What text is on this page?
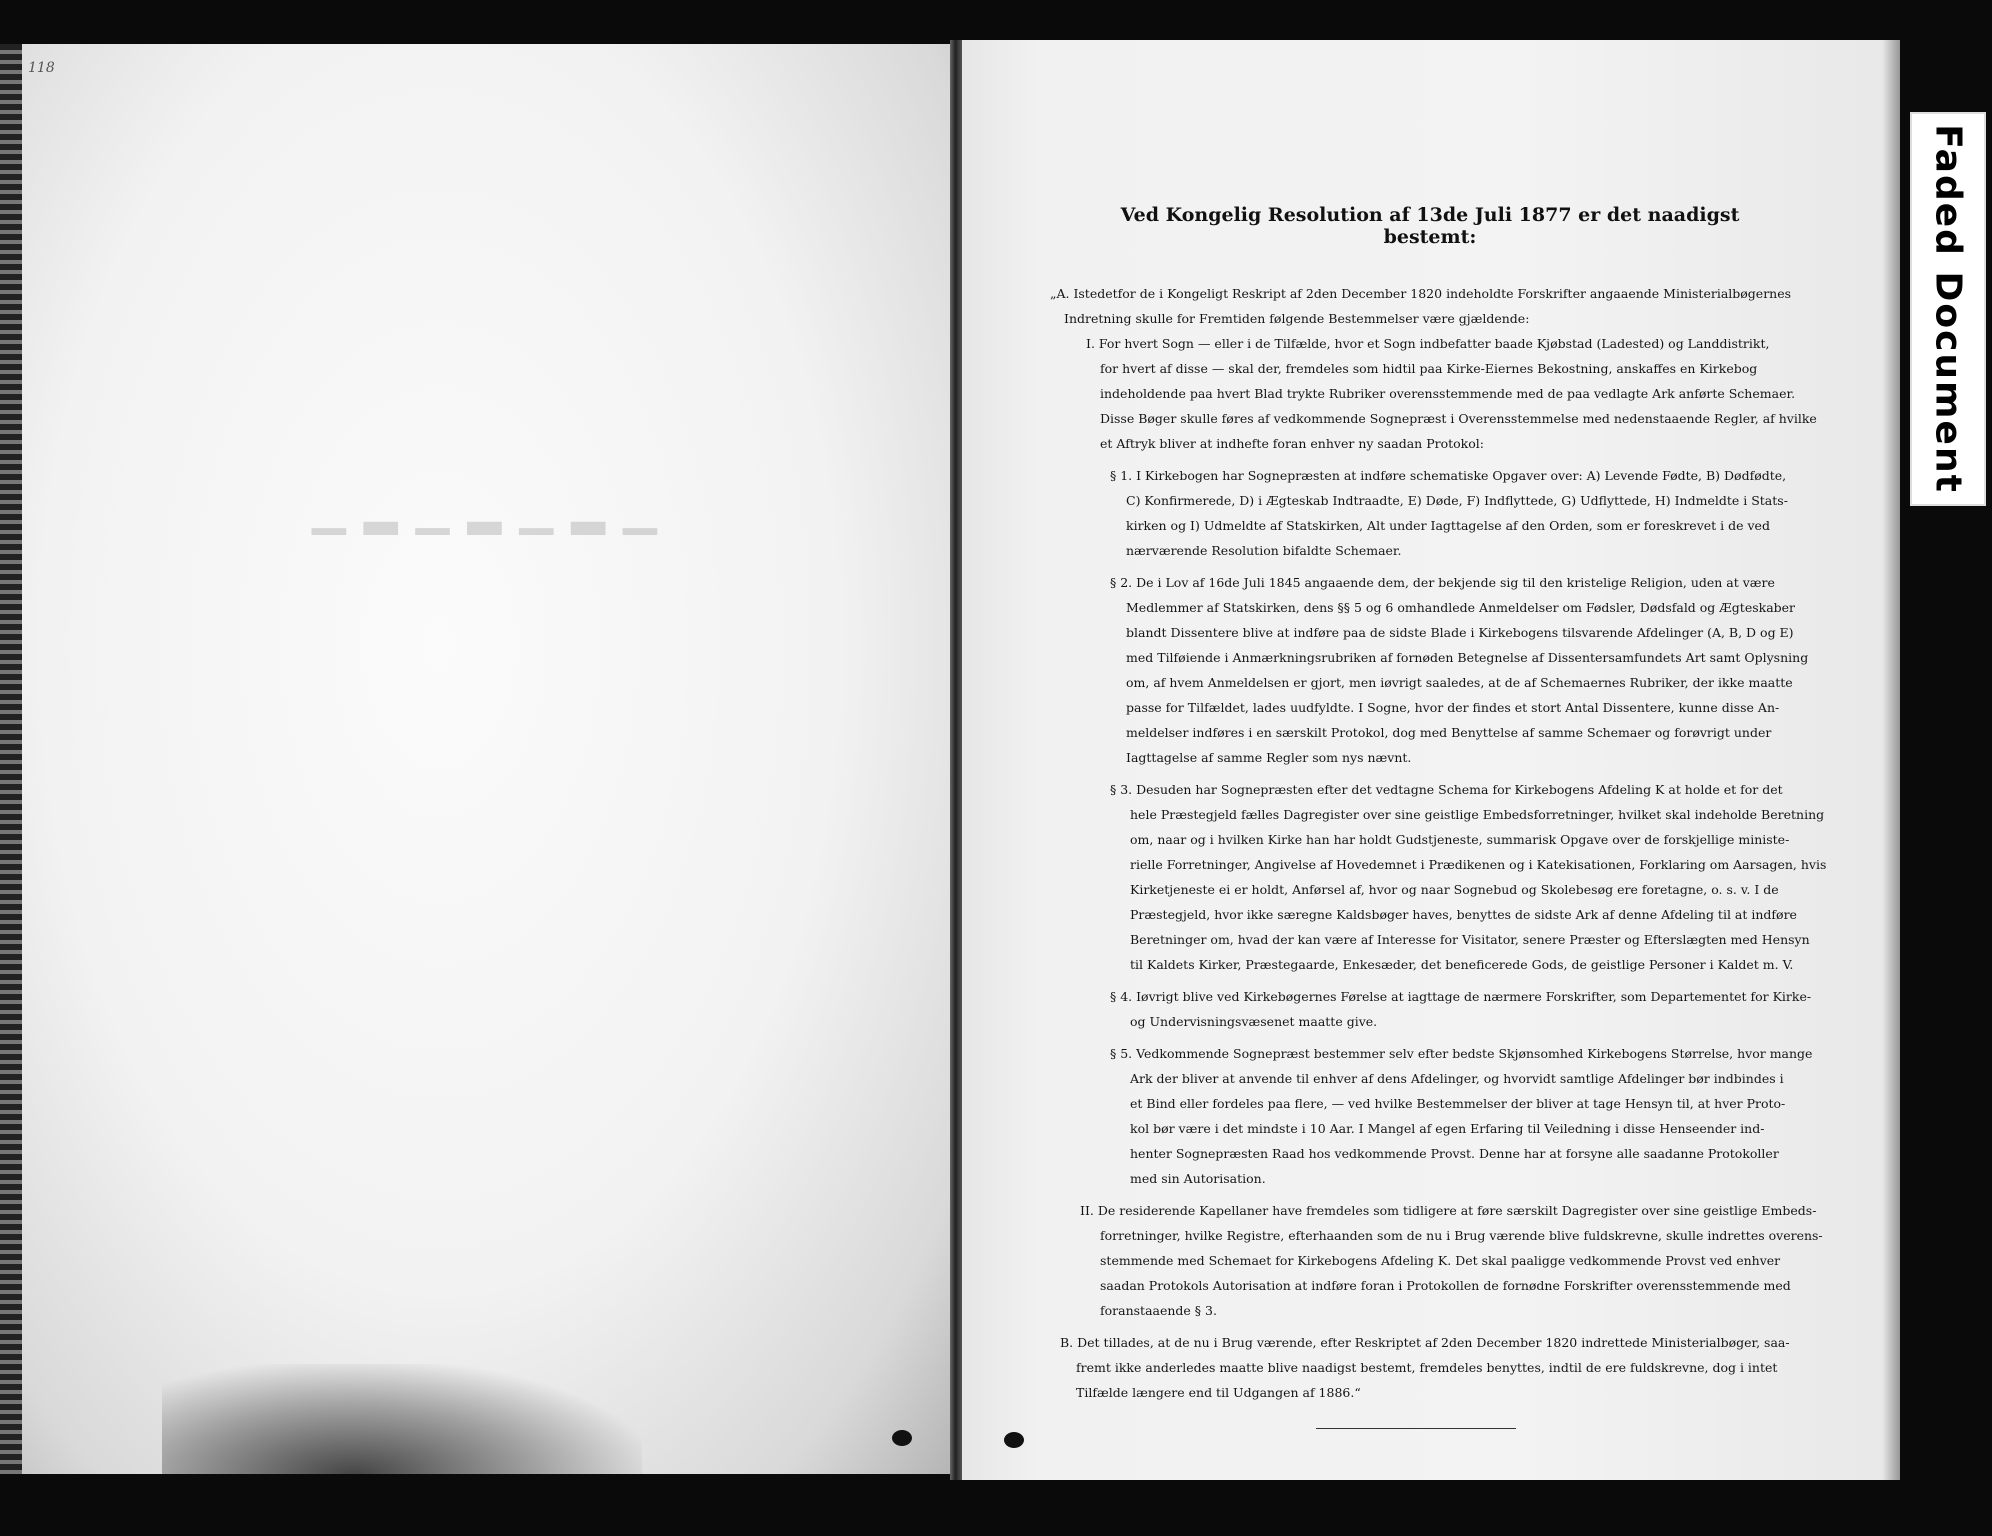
118
▁▂▁▂▁▂▁
Ved Kongelig Resolution af 13de Juli 1877 er det naadigst bestemt:
„A. Istedetfor de i Kongeligt Reskript af 2den December 1820 indeholdte Forskrifter angaaende Ministerialbøgernes
Indretning skulle for Fremtiden følgende Bestemmelser være gjældende:
I. For hvert Sogn — eller i de Tilfælde, hvor et Sogn indbefatter baade Kjøbstad (Ladested) og Landdistrikt,
for hvert af disse — skal der, fremdeles som hidtil paa Kirke-Eiernes Bekostning, anskaffes en Kirkebog
indeholdende paa hvert Blad trykte Rubriker overensstemmende med de paa vedlagte Ark anførte Schemaer.
Disse Bøger skulle føres af vedkommende Sognepræst i Overensstemmelse med nedenstaaende Regler, af hvilke
et Aftryk bliver at indhefte foran enhver ny saadan Protokol:
§ 1. I Kirkebogen har Sognepræsten at indføre schematiske Opgaver over: A) Levende Fødte, B) Dødfødte,
C) Konfirmerede, D) i Ægteskab Indtraadte, E) Døde, F) Indflyttede, G) Udflyttede, H) Indmeldte i Stats-
kirken og I) Udmeldte af Statskirken, Alt under Iagttagelse af den Orden, som er foreskrevet i de ved
nærværende Resolution bifaldte Schemaer.
§ 2. De i Lov af 16de Juli 1845 angaaende dem, der bekjende sig til den kristelige Religion, uden at være
Medlemmer af Statskirken, dens §§ 5 og 6 omhandlede Anmeldelser om Fødsler, Dødsfald og Ægteskaber
blandt Dissentere blive at indføre paa de sidste Blade i Kirkebogens tilsvarende Afdelinger (A, B, D og E)
med Tilføiende i Anmærkningsrubriken af fornøden Betegnelse af Dissentersamfundets Art samt Oplysning
om, af hvem Anmeldelsen er gjort, men iøvrigt saaledes, at de af Schemaernes Rubriker, der ikke maatte
passe for Tilfældet, lades uudfyldte. I Sogne, hvor der findes et stort Antal Dissentere, kunne disse An-
meldelser indføres i en særskilt Protokol, dog med Benyttelse af samme Schemaer og forøvrigt under
Iagttagelse af samme Regler som nys nævnt.
§ 3. Desuden har Sognepræsten efter det vedtagne Schema for Kirkebogens Afdeling K at holde et for det
hele Præstegjeld fælles Dagregister over sine geistlige Embedsforretninger, hvilket skal indeholde Beretning
om, naar og i hvilken Kirke han har holdt Gudstjeneste, summarisk Opgave over de forskjellige ministe-
rielle Forretninger, Angivelse af Hovedemnet i Prædikenen og i Katekisationen, Forklaring om Aarsagen, hvis
Kirketjeneste ei er holdt, Anførsel af, hvor og naar Sognebud og Skolebesøg ere foretagne, o. s. v. I de
Præstegjeld, hvor ikke særegne Kaldsbøger haves, benyttes de sidste Ark af denne Afdeling til at indføre
Beretninger om, hvad der kan være af Interesse for Visitator, senere Præster og Efterslægten med Hensyn
til Kaldets Kirker, Præstegaarde, Enkesæder, det beneficerede Gods, de geistlige Personer i Kaldet m. V.
§ 4. Iøvrigt blive ved Kirkebøgernes Førelse at iagttage de nærmere Forskrifter, som Departementet for Kirke-
og Undervisningsvæsenet maatte give.
§ 5. Vedkommende Sognepræst bestemmer selv efter bedste Skjønsomhed Kirkebogens Størrelse, hvor mange
Ark der bliver at anvende til enhver af dens Afdelinger, og hvorvidt samtlige Afdelinger bør indbindes i
et Bind eller fordeles paa flere, — ved hvilke Bestemmelser der bliver at tage Hensyn til, at hver Proto-
kol bør være i det mindste i 10 Aar. I Mangel af egen Erfaring til Veiledning i disse Henseender ind-
henter Sognepræsten Raad hos vedkommende Provst. Denne har at forsyne alle saadanne Protokoller
med sin Autorisation.
II. De residerende Kapellaner have fremdeles som tidligere at føre særskilt Dagregister over sine geistlige Embeds-
forretninger, hvilke Registre, efterhaanden som de nu i Brug værende blive fuldskrevne, skulle indrettes overens-
stemmende med Schemaet for Kirkebogens Afdeling K. Det skal paaligge vedkommende Provst ved enhver
saadan Protokols Autorisation at indføre foran i Protokollen de fornødne Forskrifter overensstemmende med
foranstaaende § 3.
B. Det tillades, at de nu i Brug værende, efter Reskriptet af 2den December 1820 indrettede Ministerialbøger, saa-
fremt ikke anderledes maatte blive naadigst bestemt, fremdeles benyttes, indtil de ere fuldskrevne, dog i intet
Tilfælde længere end til Udgangen af 1886.“
Faded Document
